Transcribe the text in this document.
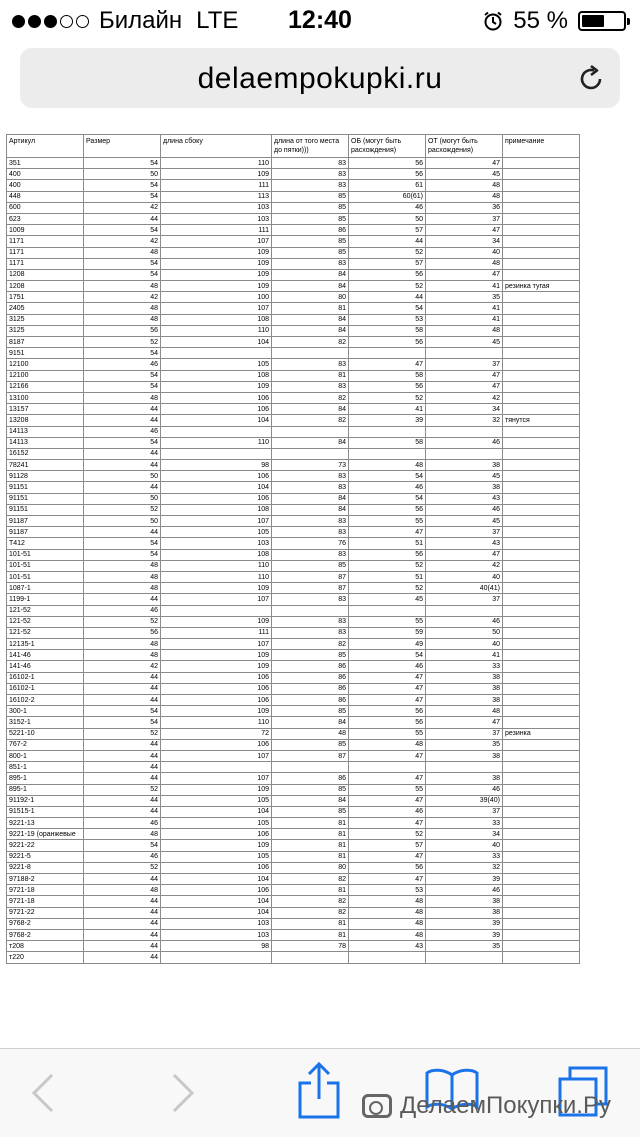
Билайн LTE	12:40	55 %
delaempokupki.ru
Артикул	Размер	длина сбоку	длина от того места до пятки)))	ОБ (могут быть расхождения)	ОТ (могут быть расхождения)	примечание
351	54	110	83	56	47	
400	50	109	83	56	45	
400	54	111	83	61	48	
448	54	113	85	60(61)	48	
600	42	103	85	46	36	
623	44	103	85	50	37	
1009	54	111	86	57	47	
1171	42	107	85	44	34	
1171	48	109	85	52	40	
1171	54	109	83	57	48	
1208	54	109	84	56	47	
1208	48	109	84	52	41	резинка тугая
1751	42	100	80	44	35	
2405	48	107	81	54	41	
3125	48	108	84	53	41	
3125	56	110	84	58	48	
8187	52	104	82	56	45	
9151	54					
12100	46	105	83	47	37	
12100	54	108	81	58	47	
12166	54	109	83	56	47	
13100	48	106	82	52	42	
13157	44	106	84	41	34	
13208	44	104	82	39	32	тянутся
14113	46					
14113	54	110	84	58	46	
16152	44					
78241	44	98	73	48	38	
91128	50	106	83	54	45	
91151	44	104	83	46	38	
91151	50	106	84	54	43	
91151	52	108	84	56	46	
91187	50	107	83	55	45	
91187	44	105	83	47	37	
T412	54	103	76	51	43	
101-51	54	108	83	56	47	
101-51	48	110	85	52	42	
101-51	48	110	87	51	40	
1087-1	48	109	87	52	40(41)	
1199-1	44	107	83	45	37	
121-52	46					
121-52	52	109	83	55	46	
121-52	56	111	83	59	50	
12135-1	48	107	82	49	40	
141-46	48	109	85	54	41	
141-46	42	109	86	46	33	
16102-1	44	106	86	47	38	
16102-1	44	106	86	47	38	
16102-2	44	106	86	47	38	
300-1	54	109	85	56	48	
3152-1	54	110	84	56	47	
5221-10	52	72	48	55	37	резинка
767-2	44	106	85	48	35	
800-1	44	107	87	47	38	
851-1	44					
895-1	44	107	86	47	38	
895-1	52	109	85	55	46	
91192-1	44	105	84	47	39(40)	
91515-1	44	104	85	46	37	
9221-13	46	105	81	47	33	
9221-19 (оранжевые	48	106	81	52	34	
9221-22	54	109	81	57	40	
9221-5	46	105	81	47	33	
9221-8	52	106	80	56	32	
97188-2	44	104	82	47	39	
9721-18	48	106	81	53	46	
9721-18	44	104	82	48	38	
9721-22	44	104	82	48	38	
9768-2	44	103	81	48	39	
9768-2	44	103	81	48	39	
т208	44	98	78	43	35	
т220	44					
ДелаемПокупки.Ру
